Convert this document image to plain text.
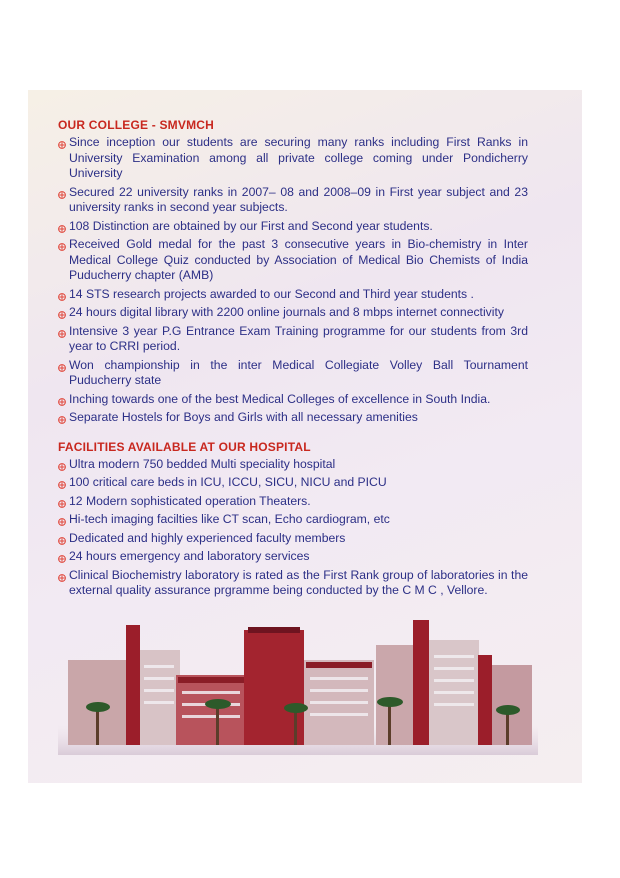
OUR COLLEGE - SMVMCH
Since inception our students are securing many ranks including First Ranks in University Examination among all private college coming under Pondicherry University
Secured 22 university ranks in 2007– 08 and 2008–09 in First year subject and 23 university ranks in second year subjects.
108 Distinction are obtained by our First and Second year students.
Received Gold medal for the past 3 consecutive years in Bio-chemistry in Inter Medical College Quiz conducted by Association of Medical Bio Chemists of India Puducherry chapter (AMB)
14 STS research projects awarded to our Second and Third year students .
24 hours digital library with 2200 online journals and 8 mbps internet connectivity
Intensive 3 year P.G Entrance Exam Training programme for our students from 3rd year to CRRI period.
Won championship in the inter Medical Collegiate Volley Ball Tournament Puducherry state
Inching towards one of the best Medical Colleges of excellence in South India.
Separate Hostels for Boys and Girls with all necessary amenities
FACILITIES AVAILABLE AT OUR HOSPITAL
Ultra modern 750 bedded Multi speciality hospital
100 critical care beds in ICU, ICCU, SICU, NICU and PICU
12 Modern sophisticated operation Theaters.
Hi-tech imaging facilties like CT scan, Echo cardiogram, etc
Dedicated and highly experienced faculty members
24 hours emergency and laboratory services
Clinical Biochemistry laboratory is rated as the First Rank group of laboratories in the external quality assurance prgramme being conducted by the C M C , Vellore.
